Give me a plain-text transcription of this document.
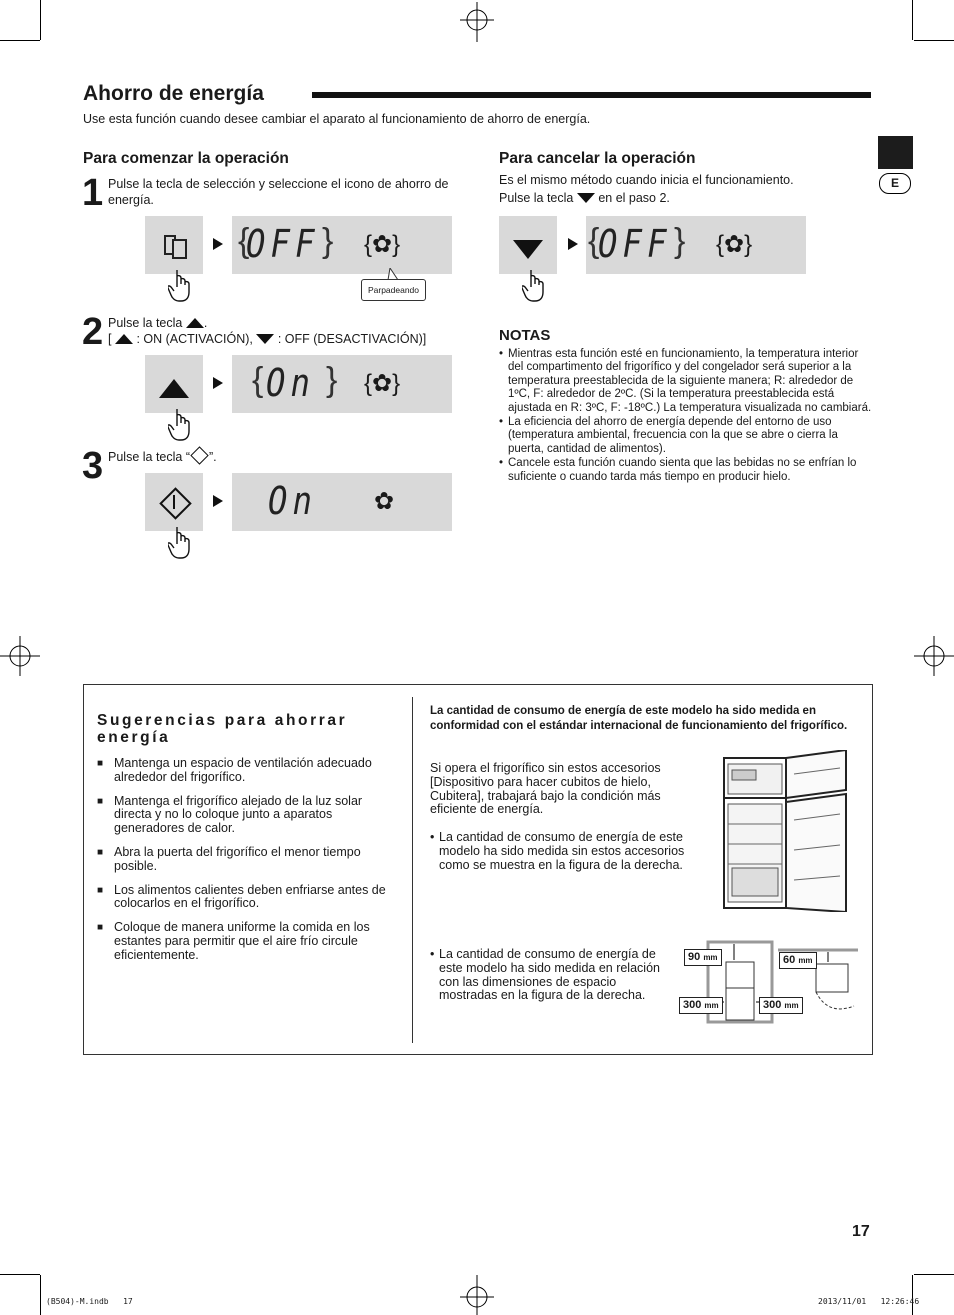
E
Ahorro de energía
Use esta función cuando desee cambiar el aparato al funcionamiento de ahorro de energía.
Para comenzar la operación
1 Pulse la tecla de selección y seleccione el icono de ahorro de energía.
{
OFF } {✿}
Parpadeando
2 Pulse la tecla .
[  : ON (ACTIVACIÓN), : OFF (DESACTIVACIÓN)]
{ On } {✿}
3 Pulse la tecla “ ”.
On ✿
Para cancelar la operación
Es el mismo método cuando inicia el funcionamiento.
Pulse la tecla en el paso 2.
{
OFF } {✿}
NOTAS
• Mientras esta función esté en funcionamiento, la temperatura interior del compartimento del frigorífico y del congelador será superior a la temperatura preestablecida de la siguiente manera; R: alrededor de 1ºC, F: alrededor de 2ºC. (Si la temperatura preestablecida está ajustada en R: 3ºC, F: -18ºC.) La temperatura visualizada no cambiará.
• La eficiencia del ahorro de energía depende del entorno de uso (temperatura ambiental, frecuencia con la que se abre o cierra la puerta, cantidad de alimentos).
• Cancele esta función cuando sienta que las bebidas no se enfrían lo suficiente o cuando tarda más tiempo en producir hielo.
Sugerencias para ahorrar energía
■ Mantenga un espacio de ventilación adecuado alrededor del frigorífico.
■ Mantenga el frigorífico alejado de la luz solar directa y no lo coloque junto a aparatos generadores de calor.
■ Abra la puerta del frigorífico el menor tiempo posible.
■ Los alimentos calientes deben enfriarse antes de colocarlos en el frigorífico.
■ Coloque de manera uniforme la comida en los estantes para permitir que el aire frío circule eficientemente.
La cantidad de consumo de energía de este modelo ha sido medida en conformidad con el estándar internacional de funcionamiento del frigorífico.
Si opera el frigorífico sin estos accesorios [Dispositivo para hacer cubitos de hielo, Cubitera], trabajará bajo la condición más eficiente de energía.
• La cantidad de consumo de energía de este modelo ha sido medida sin estos accesorios como se muestra en la figura de la derecha.
• La cantidad de consumo de energía de este modelo ha sido medida en relación con las dimensiones de espacio mostradas en la figura de la derecha.
90 mm
300 mm	300 mm
60 mm
17
(B504)-M.indb   17	2013/11/01   12:26:46
